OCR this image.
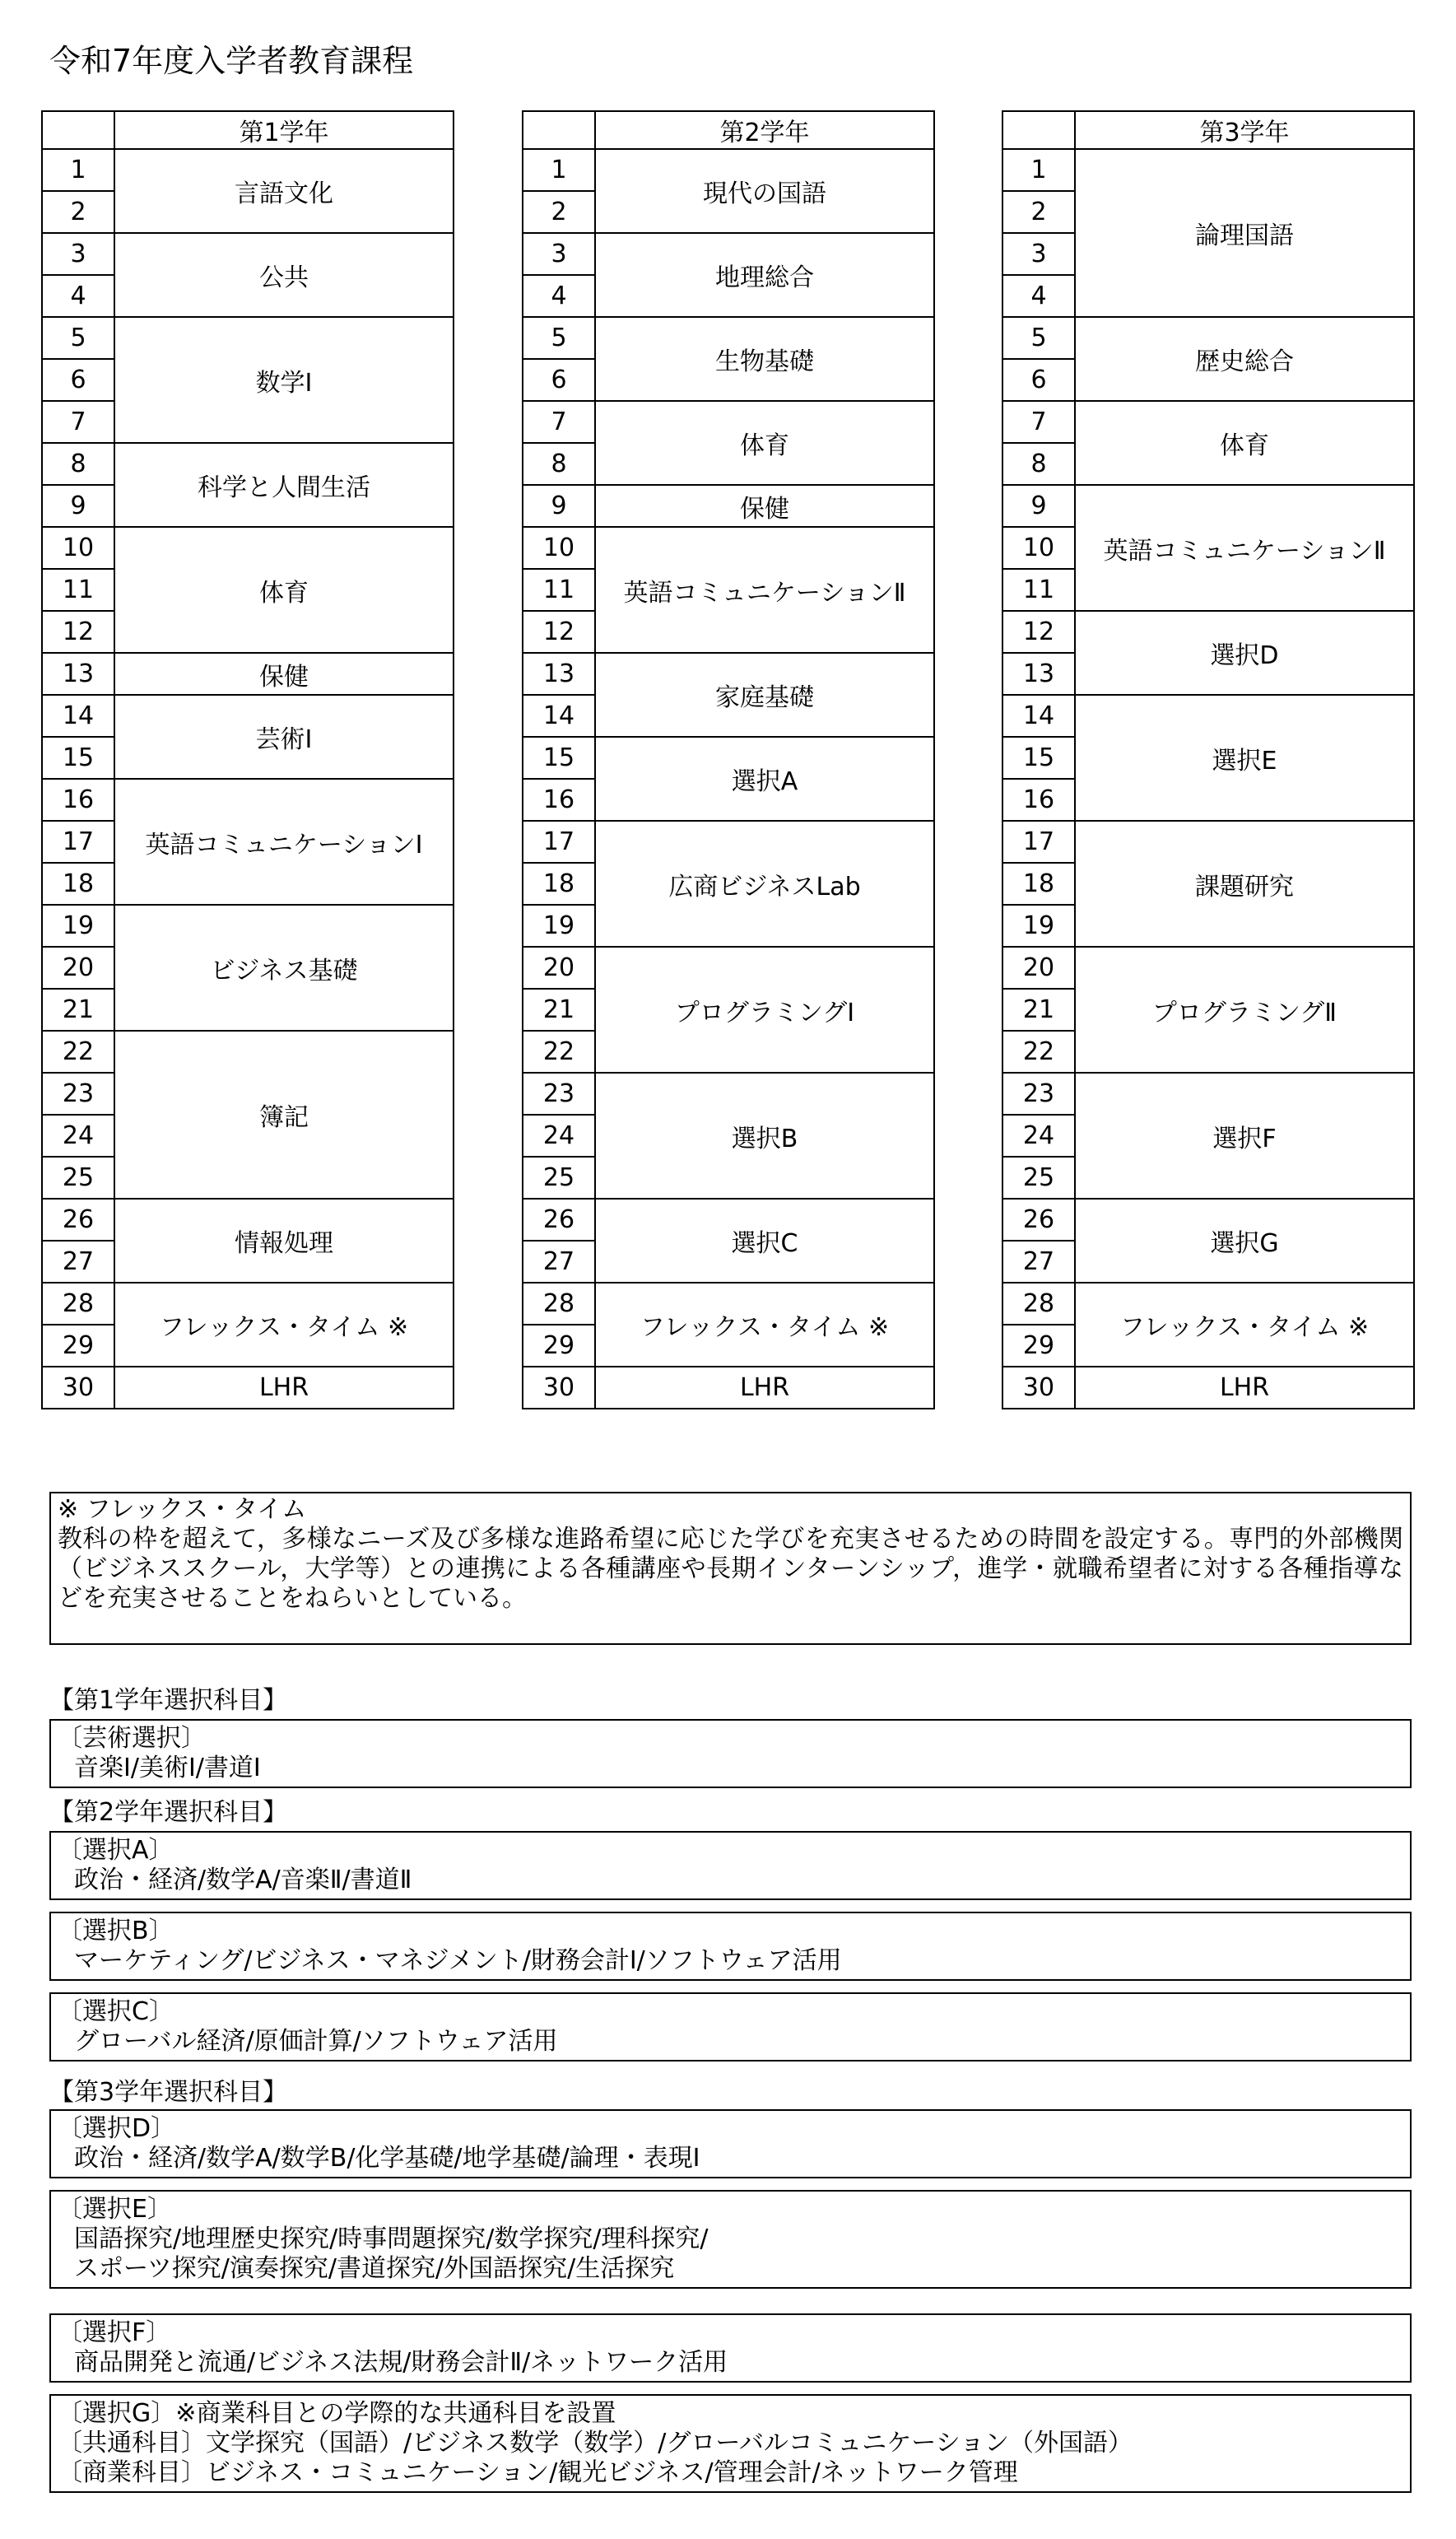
令和7年度入学者教育課程
	第1学年
1	言語文化
2	
3	公共
4	
5	数学Ⅰ
6	
7	
8	科学と人間生活
9	
10	体育
11	
12	
13	保健
14	芸術Ⅰ
15	
16	英語コミュニケーションⅠ
17	
18	
19	ビジネス基礎
20	
21	
22	簿記
23	
24	
25	
26	情報処理
27	
28	フレックス・タイム ※
29	
30	LHR
	第2学年
1	現代の国語
2	
3	地理総合
4	
5	生物基礎
6	
7	体育
8	
9	保健
10	英語コミュニケーションⅡ
11	
12	
13	家庭基礎
14	
15	選択A
16	
17	広商ビジネスLab
18	
19	
20	プログラミングⅠ
21	
22	
23	選択B
24	
25	
26	選択C
27	
28	フレックス・タイム ※
29	
30	LHR
	第3学年
1	論理国語
2	
3	
4	
5	歴史総合
6	
7	体育
8	
9	英語コミュニケーションⅡ
10	
11	
12	選択D
13	
14	選択E
15	
16	
17	課題研究
18	
19	
20	プログラミングⅡ
21	
22	
23	選択F
24	
25	
26	選択G
27	
28	フレックス・タイム ※
29	
30	LHR
※ フレックス・タイム
教科の枠を超えて，多様なニーズ及び多様な進路希望に応じた学びを充実させるための時間を設定する。専門的外部機関（ビジネススクール，大学等）との連携による各種講座や長期インターンシップ，進学・就職希望者に対する各種指導などを充実させることをねらいとしている。
【第1学年選択科目】
〔芸術選択〕
音楽Ⅰ/美術Ⅰ/書道Ⅰ
【第2学年選択科目】
〔選択A〕
政治・経済/数学A/音楽Ⅱ/書道Ⅱ
〔選択B〕
マーケティング/ビジネス・マネジメント/財務会計Ⅰ/ソフトウェア活用
〔選択C〕
グローバル経済/原価計算/ソフトウェア活用
【第3学年選択科目】
〔選択D〕
政治・経済/数学A/数学B/化学基礎/地学基礎/論理・表現Ⅰ
〔選択E〕
国語探究/地理歴史探究/時事問題探究/数学探究/理科探究/
スポーツ探究/演奏探究/書道探究/外国語探究/生活探究
〔選択F〕
商品開発と流通/ビジネス法規/財務会計Ⅱ/ネットワーク活用
〔選択G〕※商業科目との学際的な共通科目を設置
〔共通科目〕文学探究（国語）/ビジネス数学（数学）/グローバルコミュニケーション（外国語）
〔商業科目〕ビジネス・コミュニケーション/観光ビジネス/管理会計/ネットワーク管理
